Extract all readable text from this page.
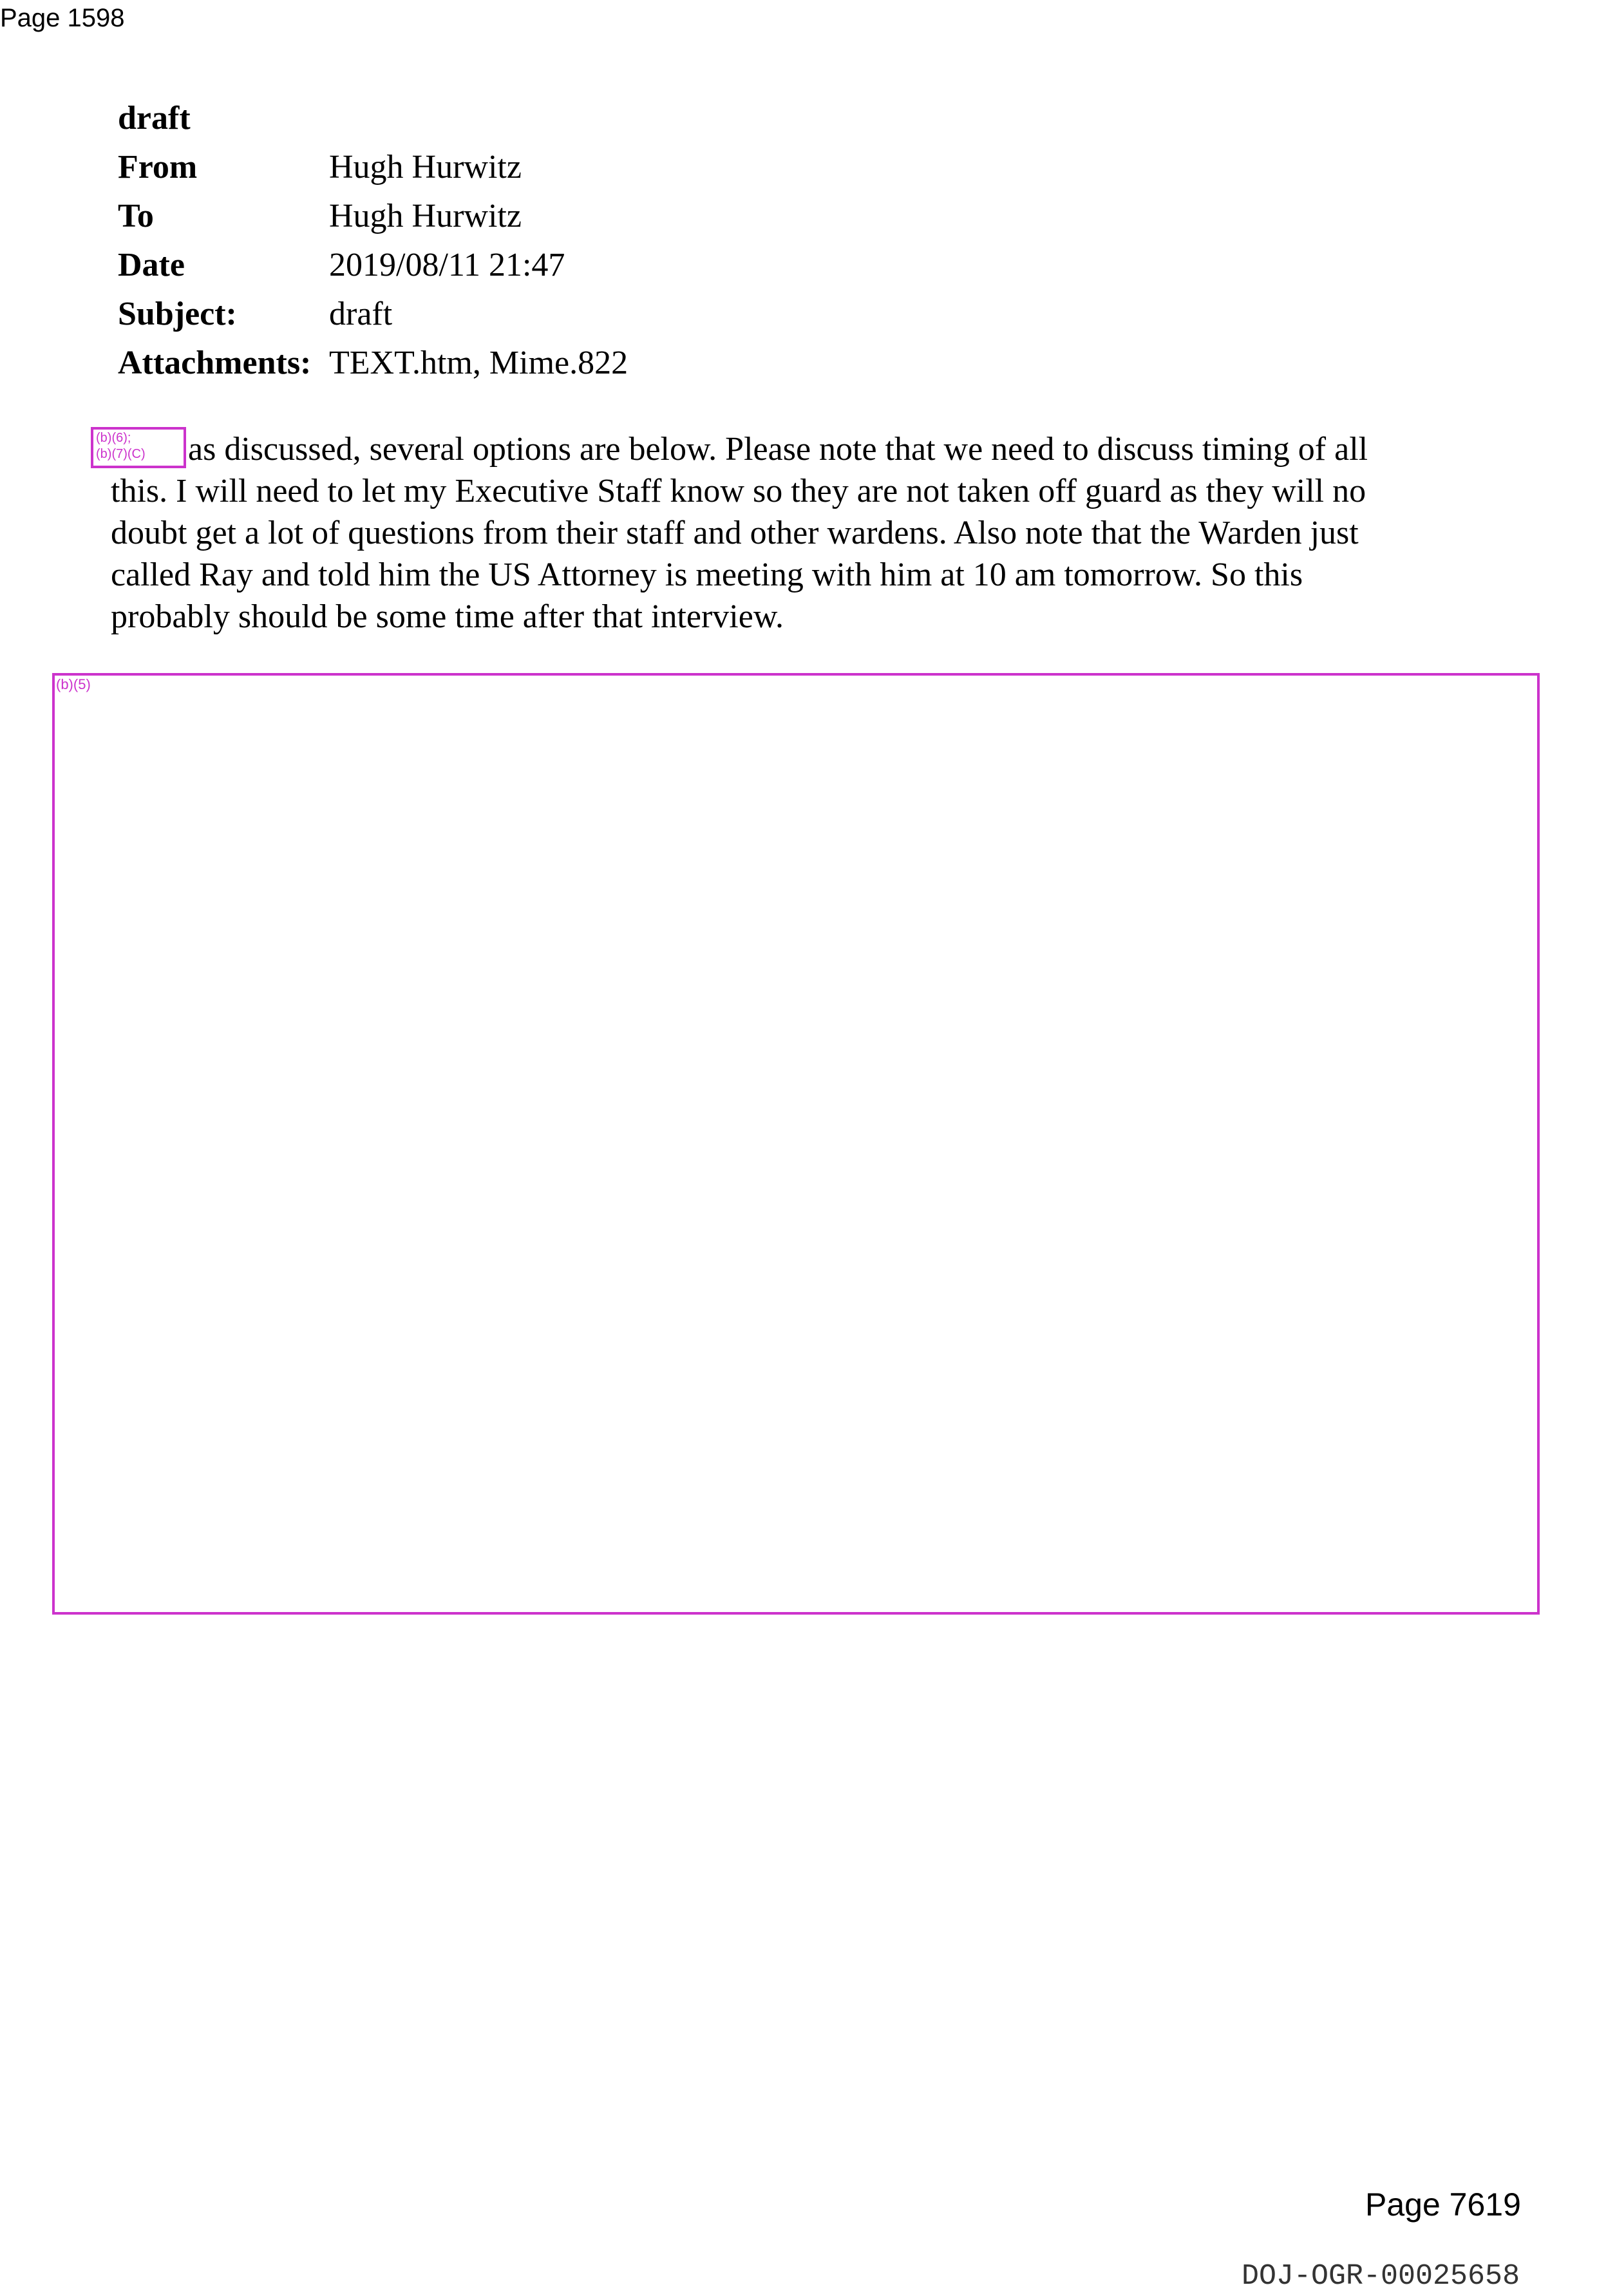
Page 1598
draft
From	Hugh Hurwitz
To	Hugh Hurwitz
Date	2019/08/11 21:47
Subject:	draft
Attachments: TEXT.htm, Mime.822
as discussed, several options are below. Please note that we need to discuss timing of all
this. I will need to let my Executive Staff know so they are not taken off guard as they will no
doubt get a lot of questions from their staff and other wardens. Also note that the Warden just
called Ray and told him the US Attorney is meeting with him at 10 am tomorrow. So this
probably should be some time after that interview.
(b)(6);
(b)(7)(C)
(b)(5)
Page 7619
DOJ-OGR-00025658
